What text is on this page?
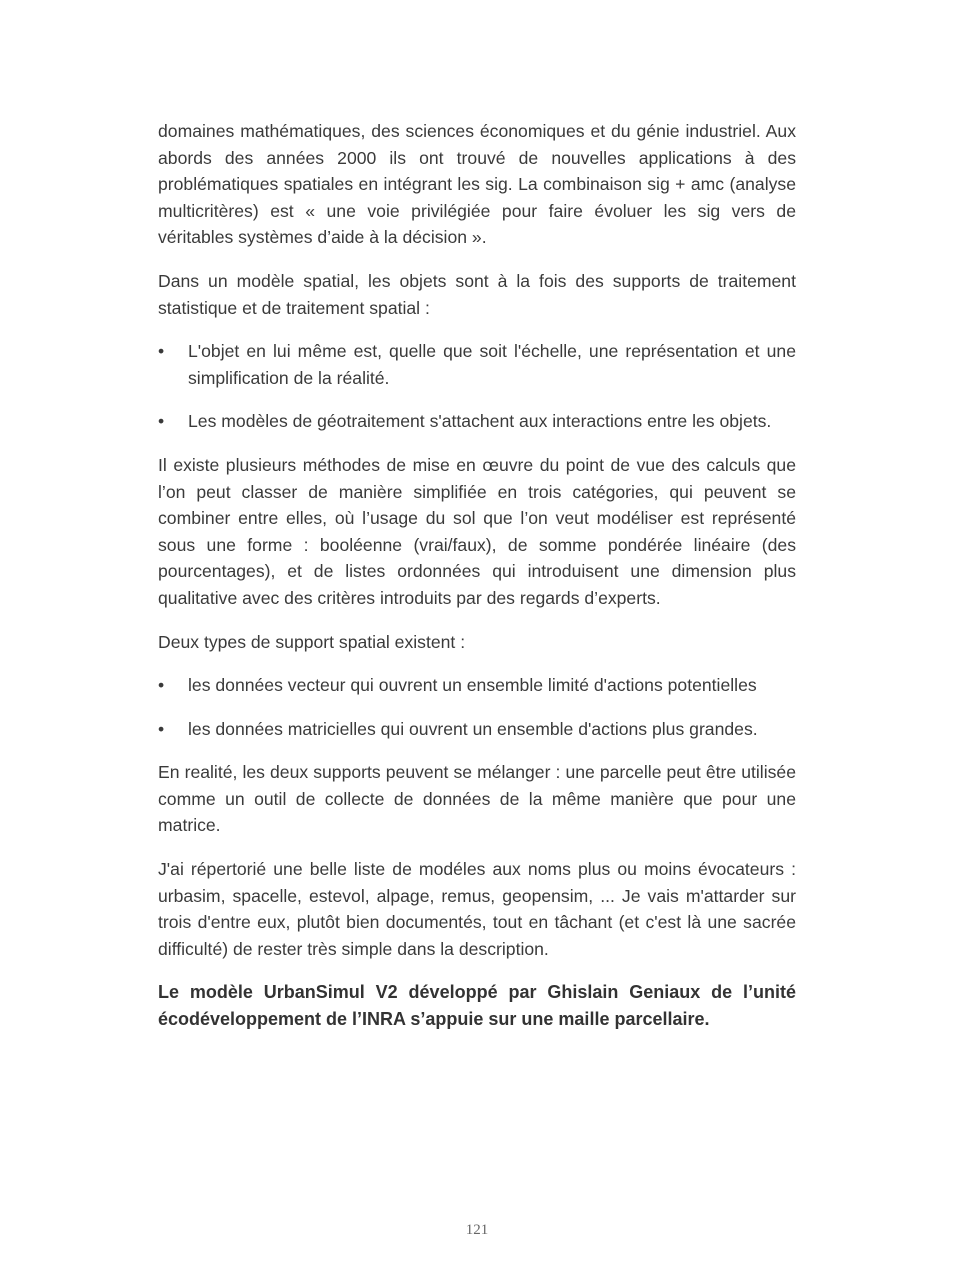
domaines mathématiques, des sciences économiques et du génie industriel. Aux abords des années 2000 ils ont trouvé de nouvelles applications à des problématiques spatiales en intégrant les sig. La combinaison sig + amc (analyse multicritères) est « une voie privilégiée pour faire évoluer les sig vers de véritables systèmes d’aide à la décision ».

Dans un modèle spatial, les objets sont à la fois des supports de traitement statistique et de traitement spatial :

•	L'objet en lui même est, quelle que soit l'échelle, une représentation et une simplification de la réalité.
•	Les modèles de géotraitement s'attachent aux interactions entre les objets.

Il existe plusieurs méthodes de mise en œuvre du point de vue des calculs que l’on peut classer de manière simplifiée en trois catégories, qui peuvent se combiner entre elles, où l’usage du sol que l’on veut modéliser est représenté sous une forme : booléenne (vrai/faux), de somme pondérée linéaire (des pourcentages), et de listes ordonnées qui introduisent une dimension plus qualitative avec des critères introduits par des regards d’experts.

Deux types de support spatial existent :

•	les données vecteur qui ouvrent un ensemble limité d'actions potentielles
•	les données matricielles qui ouvrent un ensemble d'actions plus grandes.

En realité, les deux supports peuvent se mélanger : une parcelle peut être utilisée comme un outil de collecte de données de la même manière que pour une matrice.

J'ai répertorié une belle liste de modéles aux noms plus ou moins évocateurs : urbasim, spacelle, estevol, alpage, remus, geopensim, ... Je vais m'attarder sur trois d'entre eux, plutôt bien documentés, tout en tâchant (et c'est là une sacrée difficulté) de rester très simple dans la description.

Le modèle UrbanSimul V2 développé par Ghislain Geniaux de l’unité écodéveloppement de l’INRA s’appuie sur une maille parcellaire.

121
